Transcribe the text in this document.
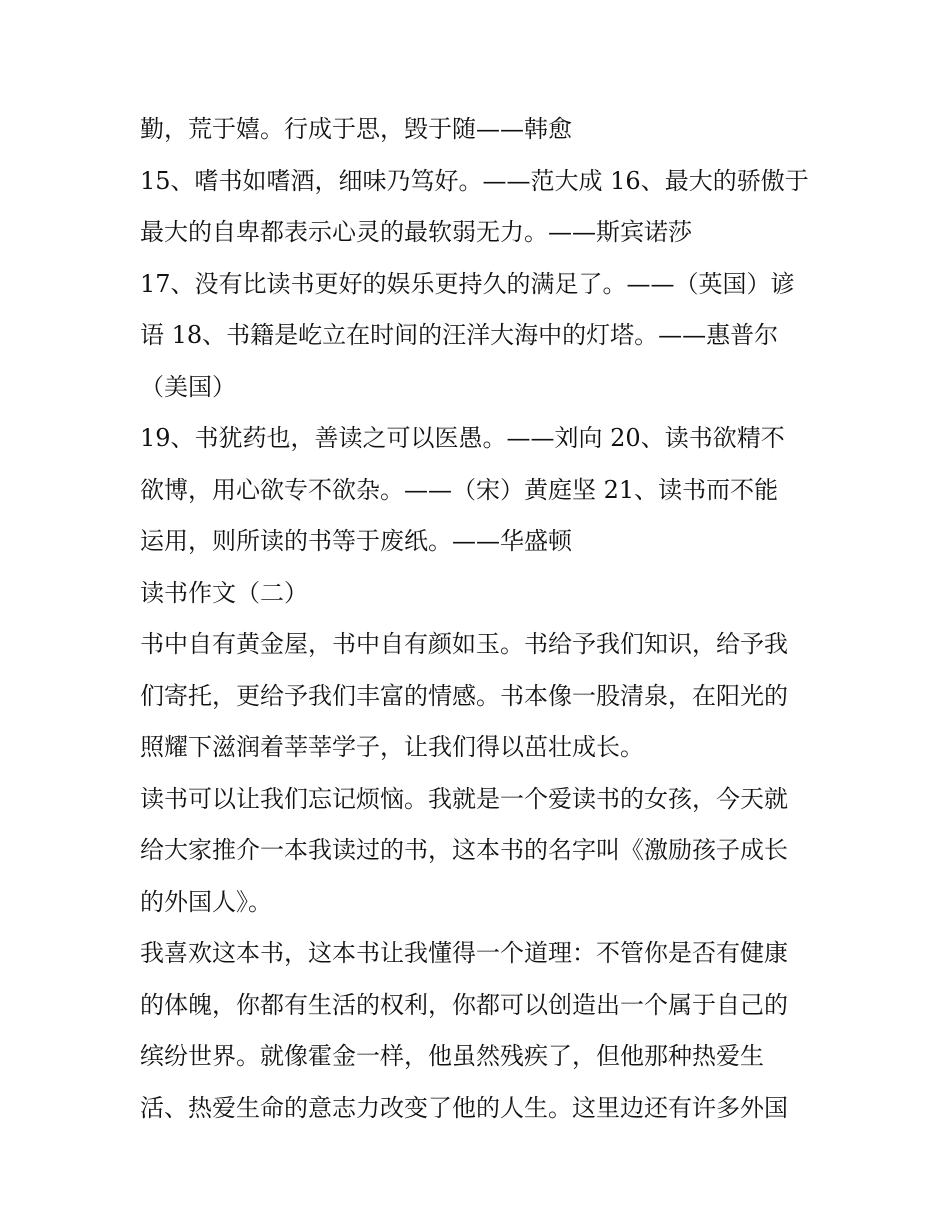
勤，荒于嬉。行成于思，毁于随——韩愈
15、嗜书如嗜酒，细味乃笃好。——范大成 16、最大的骄傲于
最大的自卑都表示心灵的最软弱无力。——斯宾诺莎
17、没有比读书更好的娱乐更持久的满足了。——（英国）谚
语 18、书籍是屹立在时间的汪洋大海中的灯塔。——惠普尔
（美国）
19、书犹药也，善读之可以医愚。——刘向 20、读书欲精不
欲博，用心欲专不欲杂。——（宋）黄庭坚 21、读书而不能
运用，则所读的书等于废纸。——华盛顿
读书作文（二）
书中自有黄金屋，书中自有颜如玉。书给予我们知识，给予我
们寄托，更给予我们丰富的情感。书本像一股清泉，在阳光的
照耀下滋润着莘莘学子，让我们得以茁壮成长。
读书可以让我们忘记烦恼。我就是一个爱读书的女孩，今天就
给大家推介一本我读过的书，这本书的名字叫《激励孩子成长
的外国人》。
我喜欢这本书，这本书让我懂得一个道理：不管你是否有健康
的体魄，你都有生活的权利，你都可以创造出一个属于自己的
缤纷世界。就像霍金一样，他虽然残疾了，但他那种热爱生
活、热爱生命的意志力改变了他的人生。这里边还有许多外国
